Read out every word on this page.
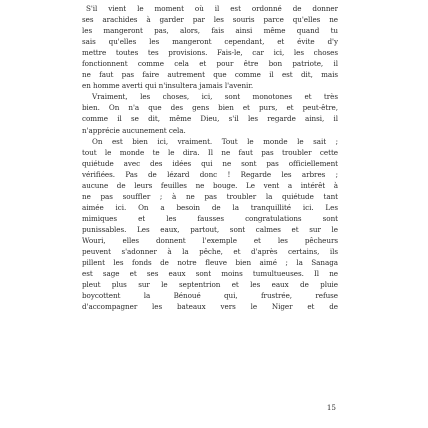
S'il vient le moment où il est ordonné de donner
ses arachides à garder par les souris parce qu'elles ne
les mangeront pas, alors, fais ainsi même quand tu
sais qu'elles les mangeront cependant, et évite d'y
mettre toutes tes provisions. Fais-le, car ici, les choses
fonctionnent comme cela et pour être bon patriote, il
ne faut pas faire autrement que comme il est dit, mais
en homme averti qui n'insultera jamais l'avenir.
Vraiment, les choses, ici, sont monotones et très
bien. On n'a que des gens bien et purs, et peut-être,
comme il se dit, même Dieu, s'il les regarde ainsi, il
n'apprécie aucunement cela.
On est bien ici, vraiment. Tout le monde le sait ;
tout le monde te le dira. Il ne faut pas troubler cette
quiétude avec des idées qui ne sont pas officiellement
vérifiées. Pas de lézard donc ! Regarde les arbres ;
aucune de leurs feuilles ne bouge. Le vent a intérêt à
ne pas souffler ; à ne pas troubler la quiétude tant
aimée ici. On a besoin de la tranquillité ici. Les
mimiques et les fausses congratulations sont
punissables. Les eaux, partout, sont calmes et sur le
Wouri, elles donnent l'exemple et les pêcheurs
peuvent s'adonner à la pêche, et d'après certains, ils
pillent les fonds de notre fleuve bien aimé ; la Sanaga
est sage et ses eaux sont moins tumultueuses. Il ne
pleut plus sur le septentrion et les eaux de pluie
boycottent la Bénoué qui, frustrée, refuse
d'accompagner les bateaux vers le Niger et de
15
